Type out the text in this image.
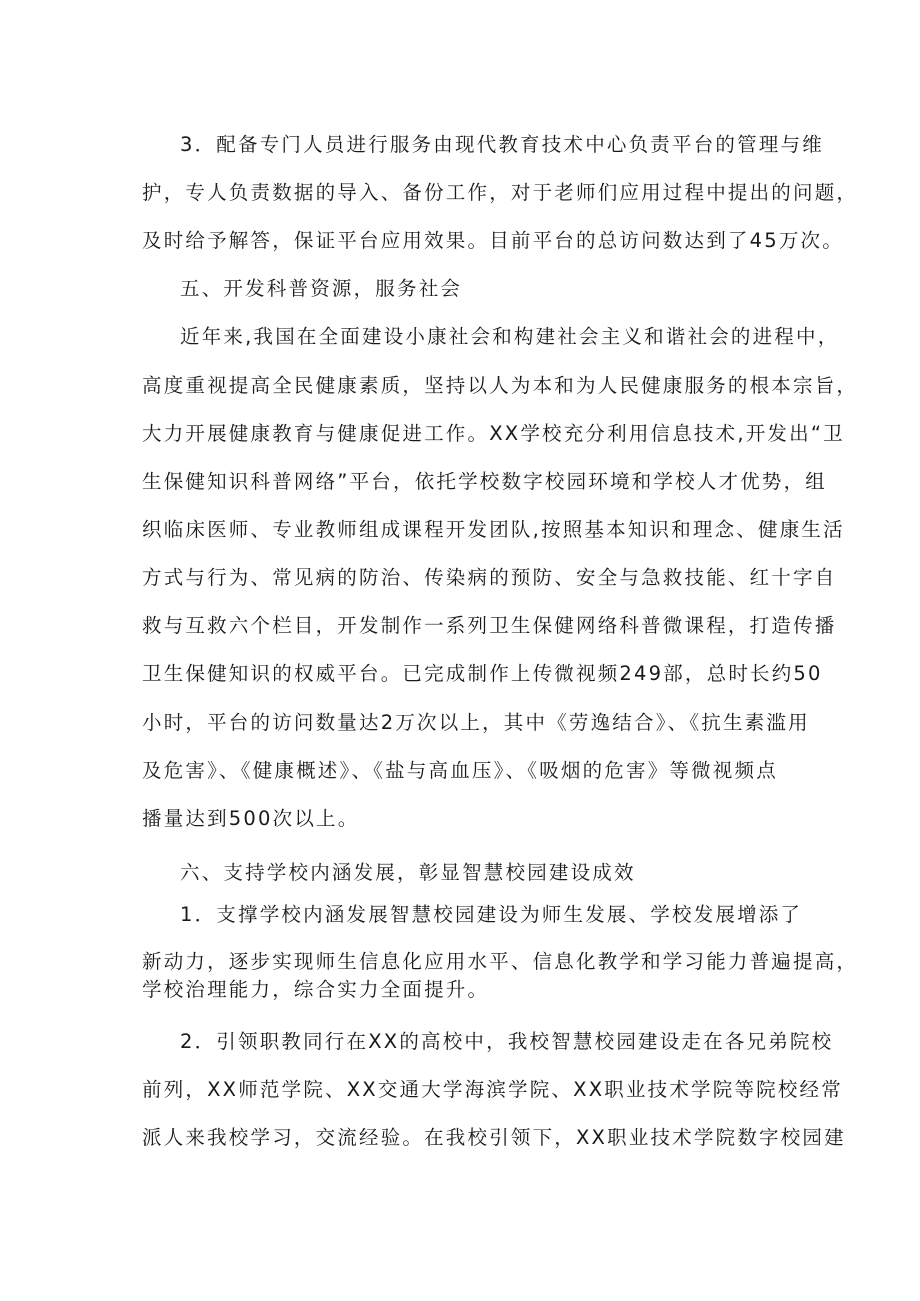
3．配备专门人员进行服务由现代教育技术中心负责平台的管理与维
护，专人负责数据的导入、备份工作，对于老师们应用过程中提出的问题，
及时给予解答，保证平台应用效果。目前平台的总访问数达到了45万次。
五、开发科普资源，服务社会
近年来,我国在全面建设小康社会和构建社会主义和谐社会的进程中，
高度重视提高全民健康素质，坚持以人为本和为人民健康服务的根本宗旨，
大力开展健康教育与健康促进工作。XX学校充分利用信息技术,开发出“卫
生保健知识科普网络”平台，依托学校数字校园环境和学校人才优势，组
织临床医师、专业教师组成课程开发团队,按照基本知识和理念、健康生活
方式与行为、常见病的防治、传染病的预防、安全与急救技能、红十字自
救与互救六个栏目，开发制作一系列卫生保健网络科普微课程，打造传播
卫生保健知识的权威平台。已完成制作上传微视频249部，总时长约50
小时，平台的访问数量达2万次以上，其中《劳逸结合》、《抗生素滥用
及危害》、《健康概述》、《盐与高血压》、《吸烟的危害》等微视频点
播量达到500次以上。
六、支持学校内涵发展，彰显智慧校园建设成效
1．支撑学校内涵发展智慧校园建设为师生发展、学校发展增添了
新动力，逐步实现师生信息化应用水平、信息化教学和学习能力普遍提高，
学校治理能力，综合实力全面提升。
2．引领职教同行在XX的高校中，我校智慧校园建设走在各兄弟院校
前列，XX师范学院、XX交通大学海滨学院、XX职业技术学院等院校经常
派人来我校学习，交流经验。在我校引领下，XX职业技术学院数字校园建
